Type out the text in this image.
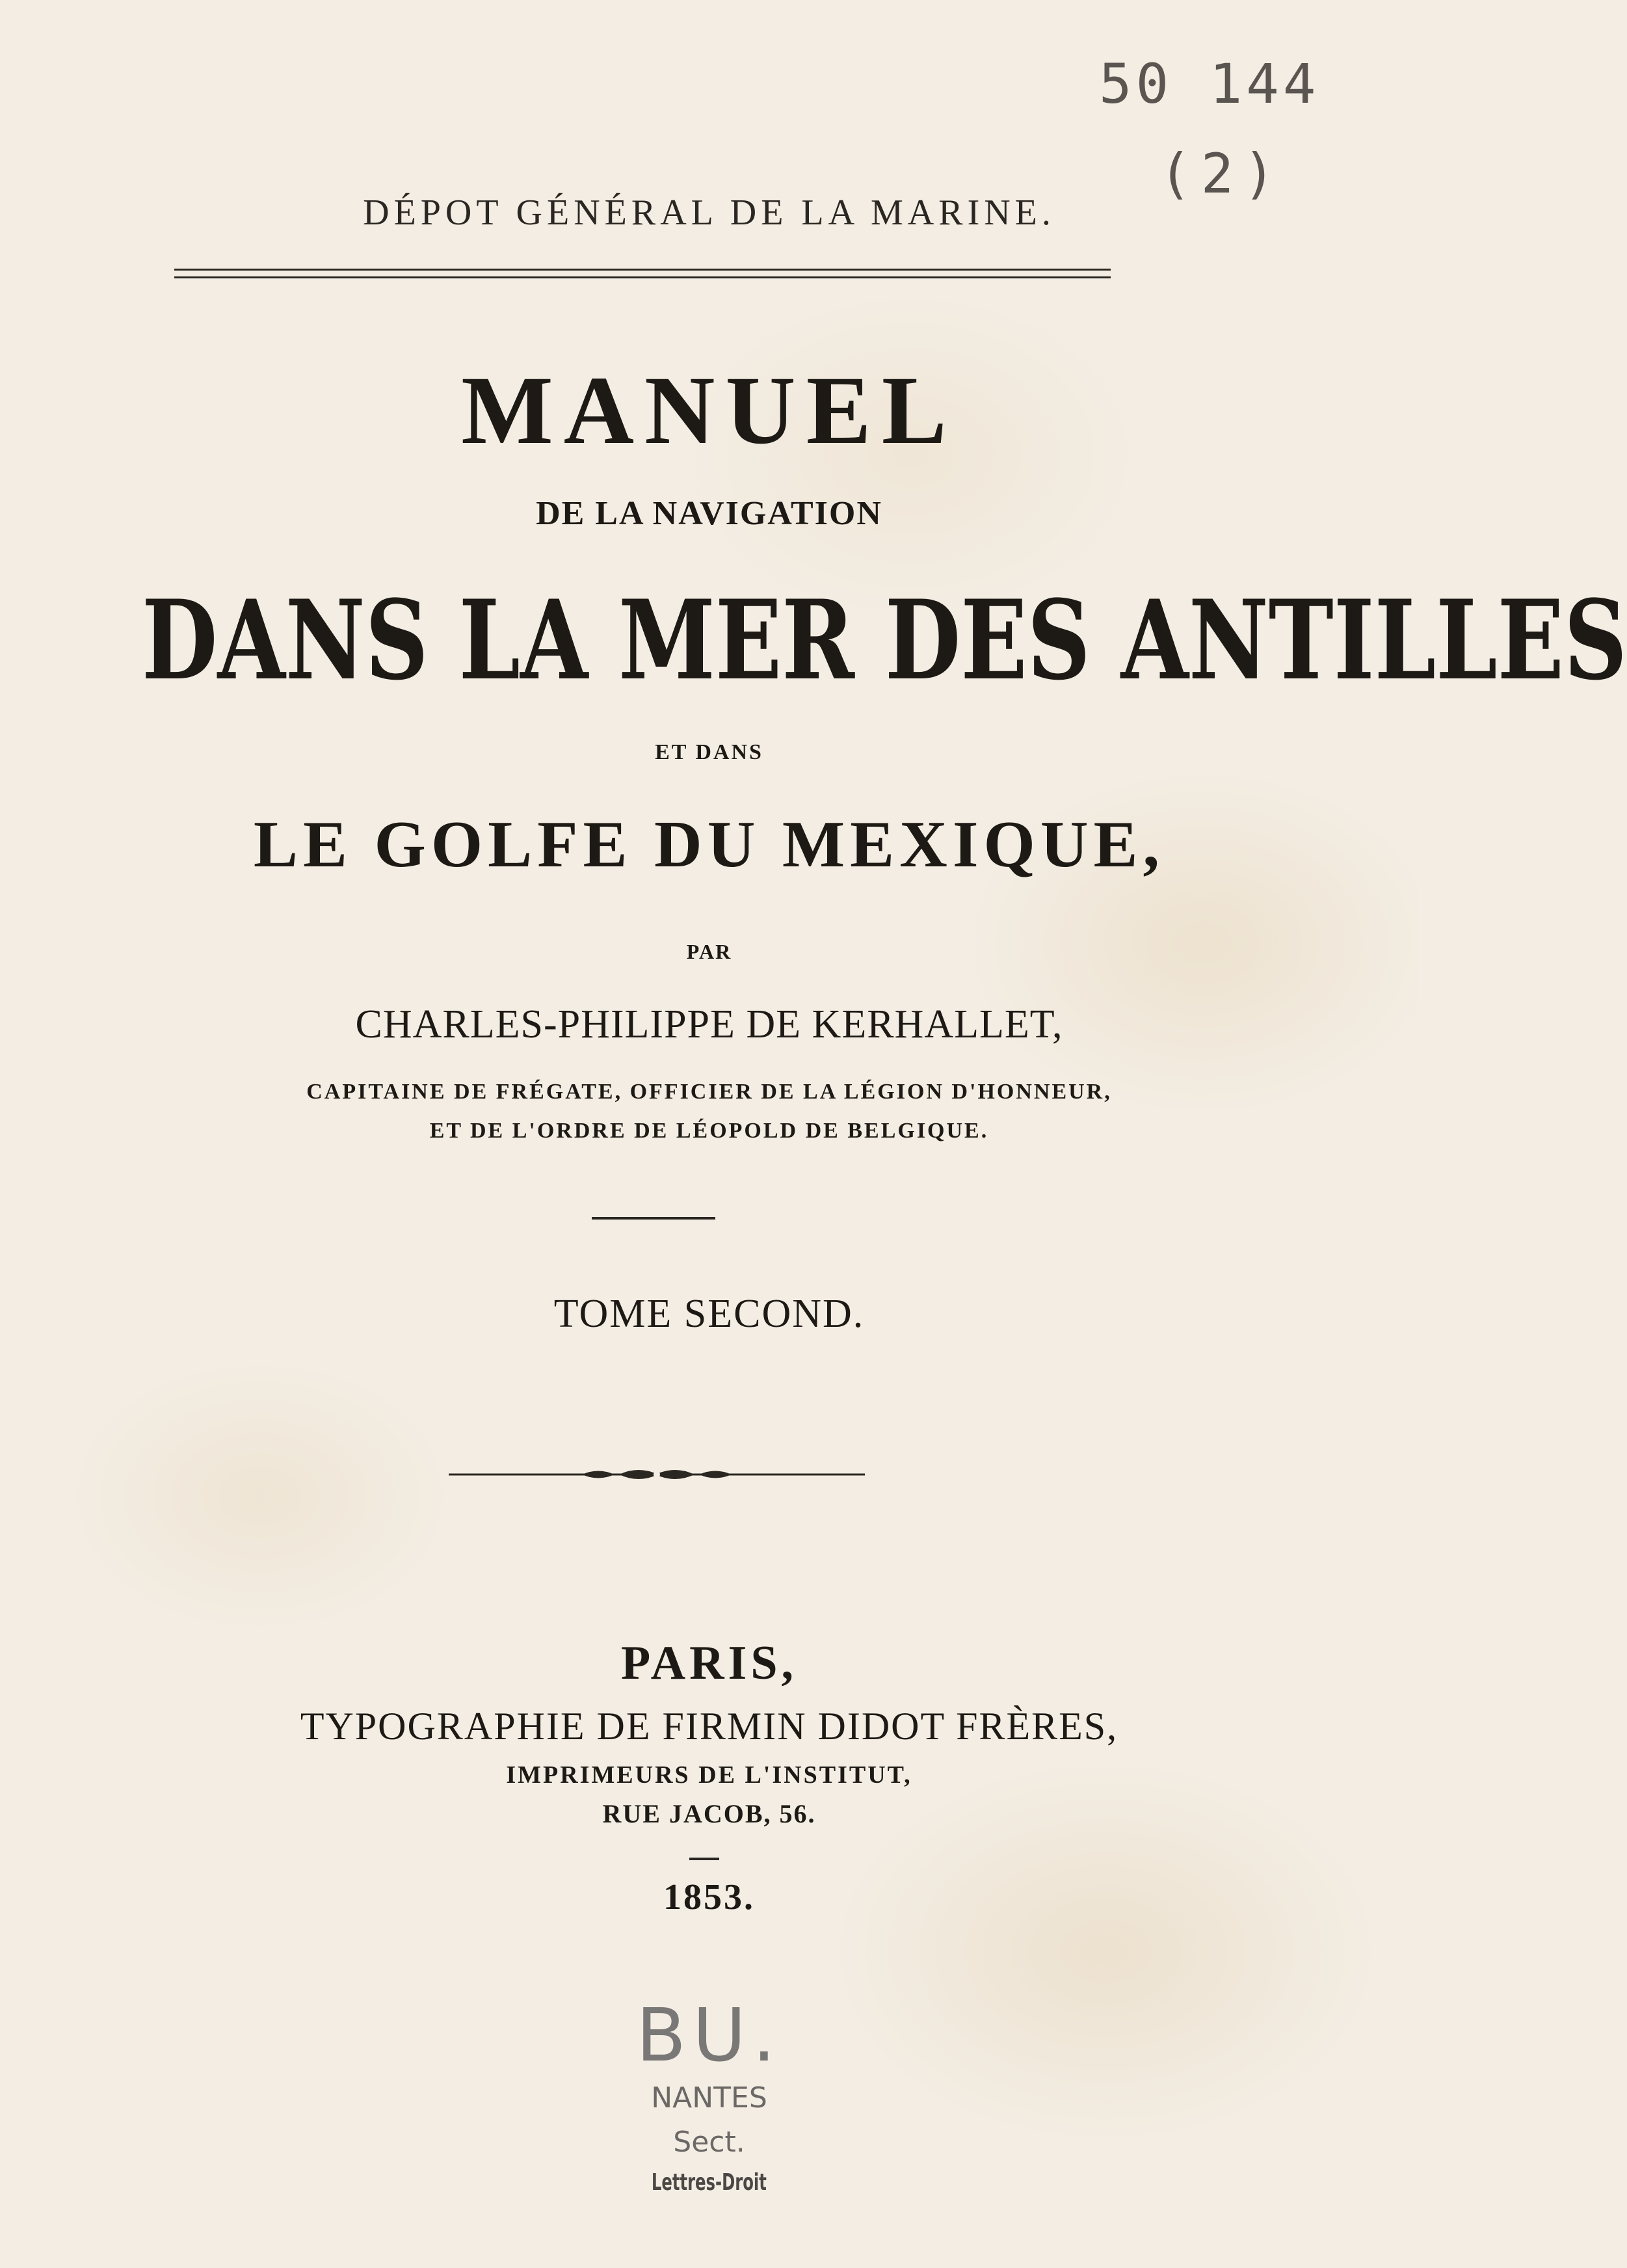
50 144
(2)
DÉPOT GÉNÉRAL DE LA MARINE.
MANUEL
DE LA NAVIGATION
DANS LA MER DES ANTILLES
ET DANS
LE GOLFE DU MEXIQUE,
PAR
CHARLES-PHILIPPE DE KERHALLET,
CAPITAINE DE FRÉGATE, OFFICIER DE LA LÉGION D'HONNEUR,
ET DE L'ORDRE DE LÉOPOLD DE BELGIQUE.
TOME SECOND.
PARIS,
TYPOGRAPHIE DE FIRMIN DIDOT FRÈRES,
IMPRIMEURS DE L'INSTITUT,
RUE JACOB, 56.
1853.
BU.
NANTES
Sect.
Lettres-Droit
